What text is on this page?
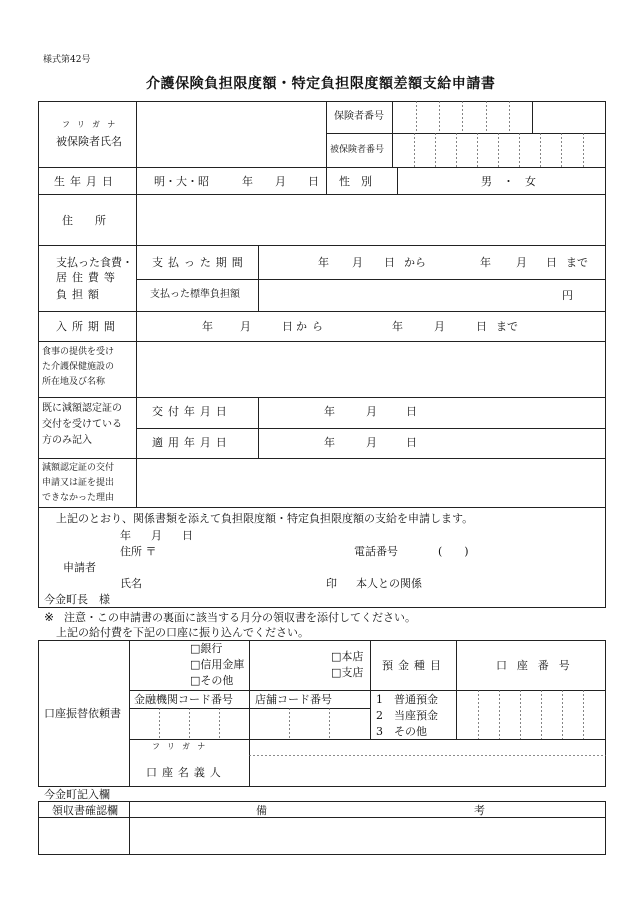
様式第42号
介護保険負担限度額・特定負担限度額差額支給申請書
フリガナ
被保険者氏名
保険者番号
被保険者番号
生年月日	明・大・昭	年 月 日 性　別	男　・　女
住　　所
支払った食費・
居住費等
負担額
支払った期間	年 月 日 から	年 月 日 まで
支払った標準負担額	円
入所期間	年 月	日 から	年	月	日 まで
食事の提供を受け
た介護保健施設の
所在地及び名称
既に減額認定証の
交付を受けている
方のみ記入
交付年月日	年	月	日
適用年月日	年	月	日
減額認定証の交付
申請又は証を提出
できなかった理由
上記のとおり、関係書類を添えて負担限度額・特定負担限度額の支給を申請します。
年 月 日
住所 〒	電話番号	(　　)
申請者
氏名	印 本人との関係
今金町長　様
※ 注意・この申請書の裏面に該当する月分の領収書を添付してください。
上記の給付費を下記の口座に振り込んでください。
口座振替依頼書
□銀行
□信用金庫
□その他
□本店
□支店
預金種目	口座番号
金融機関コード番号 店舗コード番号	1　普通預金
2　当座預金
3　その他
フリガナ
口座名義人
今金町記入欄
領収書確認欄	備	考
